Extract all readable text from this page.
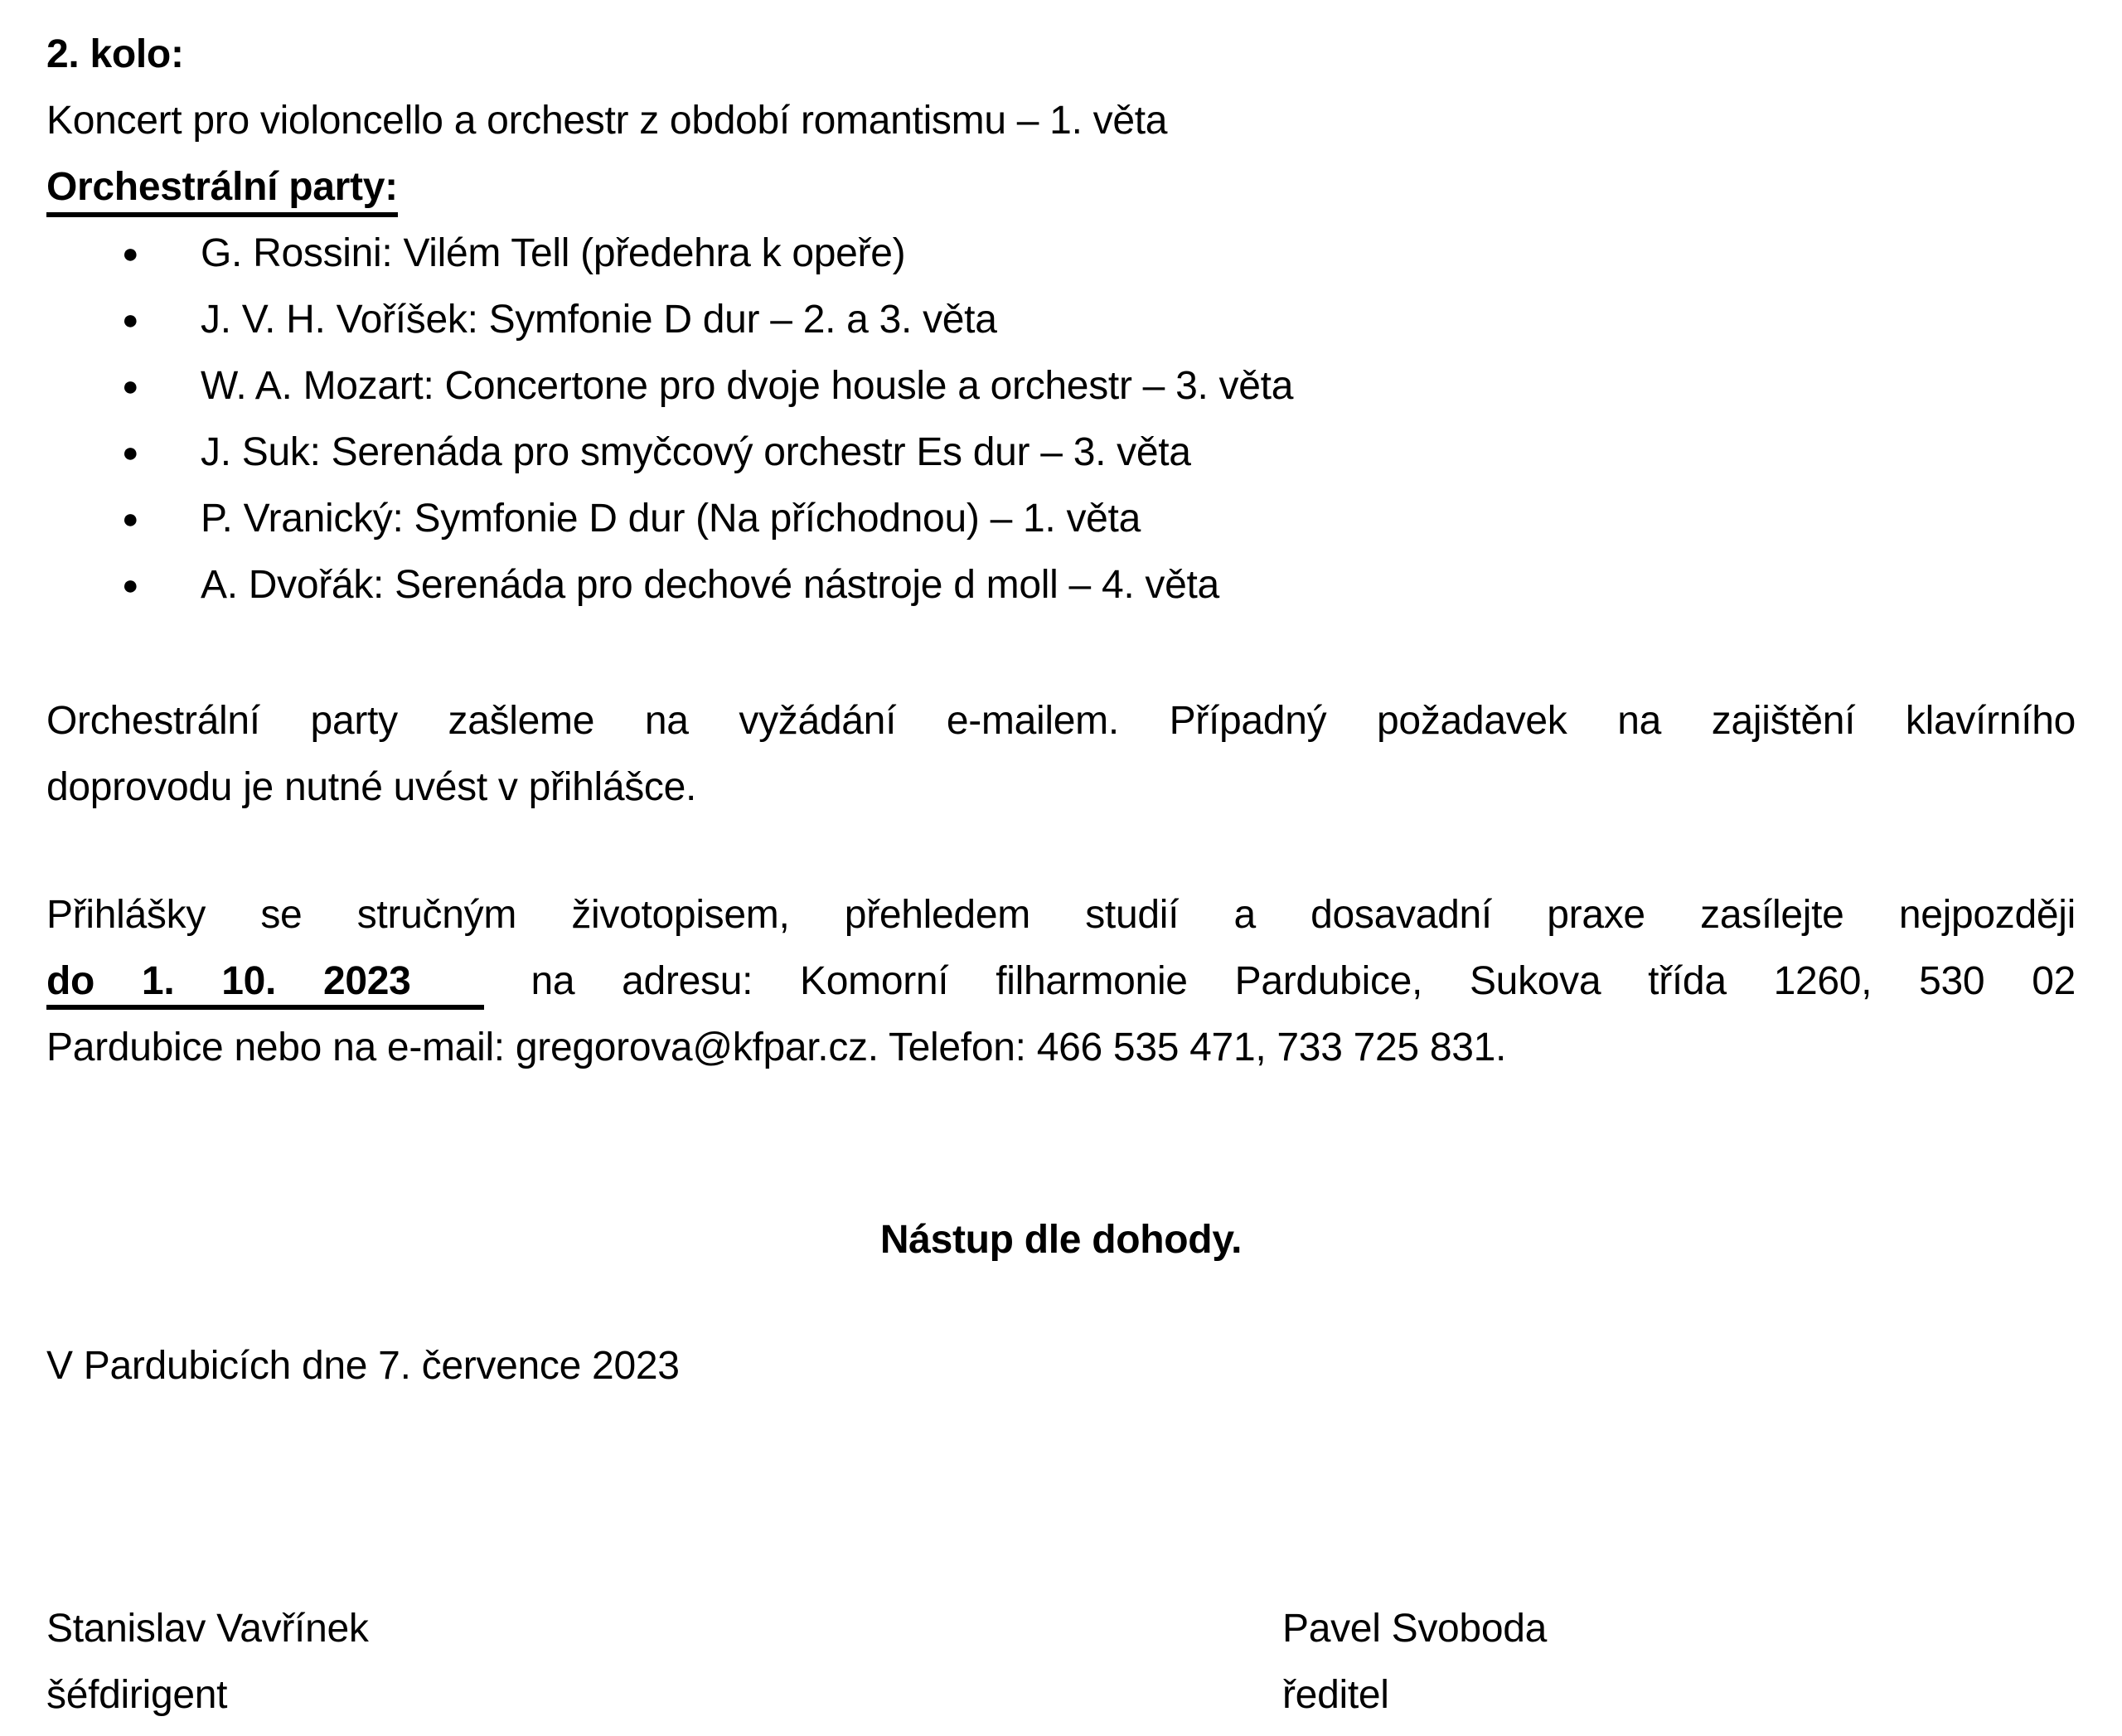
2. kolo:
Koncert pro violoncello a orchestr z období romantismu – 1. věta
Orchestrální party:
● G. Rossini: Vilém Tell (předehra k opeře)
● J. V. H. Voříšek: Symfonie D dur – 2. a 3. věta
● W. A. Mozart: Concertone pro dvoje housle a orchestr – 3. věta
● J. Suk: Serenáda pro smyčcový orchestr Es dur – 3. věta
● P. Vranický: Symfonie D dur (Na příchodnou) – 1. věta
● A. Dvořák: Serenáda pro dechové nástroje d moll – 4. věta
Orchestrální party zašleme na vyžádání e-mailem. Případný požadavek na zajištění klavírního
doprovodu je nutné uvést v přihlášce.
Přihlášky se stručným životopisem, přehledem studií a dosavadní praxe zasílejte nejpozději
do 1. 10. 2023 na adresu: Komorní filharmonie Pardubice, Sukova třída 1260, 530 02
Pardubice nebo na e-mail: gregorova@kfpar.cz. Telefon: 466 535 471, 733 725 831.
Nástup dle dohody.
V Pardubicích dne 7. července 2023
Stanislav Vavřínek
šéfdirigent
Pavel Svoboda
ředitel
